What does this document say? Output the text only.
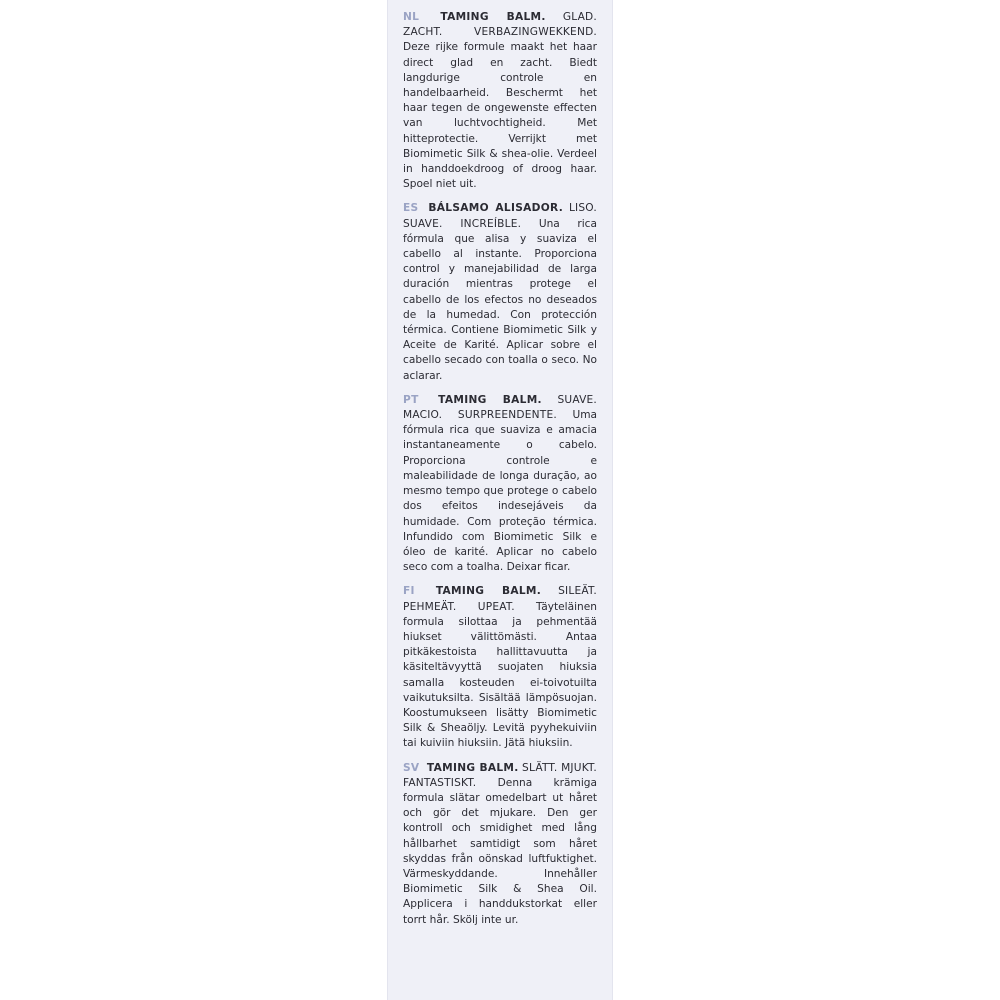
NL TAMING BALM. GLAD. ZACHT. VERBAZINGWEKKEND. Deze rijke formule maakt het haar direct glad en zacht. Biedt langdurige controle en handelbaarheid. Beschermt het haar tegen de ongewenste effecten van luchtvochtigheid. Met hitteprotectie. Verrijkt met Biomimetic Silk & shea-olie. Verdeel in handdoekdroog of droog haar. Spoel niet uit.

ES BÁLSAMO ALISADOR. LISO. SUAVE. INCREÍBLE. Una rica fórmula que alisa y suaviza el cabello al instante. Proporciona control y manejabilidad de larga duración mientras protege el cabello de los efectos no deseados de la humedad. Con protección térmica. Contiene Biomimetic Silk y Aceite de Karité. Aplicar sobre el cabello secado con toalla o seco. No aclarar.

PT TAMING BALM. SUAVE. MACIO. SURPREENDENTE. Uma fórmula rica que suaviza e amacia instantaneamente o cabelo. Proporciona controle e maleabilidade de longa duração, ao mesmo tempo que protege o cabelo dos efeitos indesejáveis da humidade. Com proteção térmica. Infundido com Biomimetic Silk e óleo de karité. Aplicar no cabelo seco com a toalha. Deixar ficar.

FI TAMING BALM. SILEÄT. PEHMEÄT. UPEAT. Täyteläinen formula silottaa ja pehmentää hiukset välittömästi. Antaa pitkäkestoista hallittavuutta ja käsiteltävyyttä suojaten hiuksia samalla kosteuden ei-toivotuilta vaikutuksilta. Sisältää lämpösuojan. Koostumukseen lisätty Biomimetic Silk & Sheaöljy. Levitä pyyhekuiviin tai kuiviin hiuksiin. Jätä hiuksiin.

SV TAMING BALM. SLÄTT. MJUKT. FANTASTISKT. Denna krämiga formula slätar omedelbart ut håret och gör det mjukare. Den ger kontroll och smidighet med lång hållbarhet samtidigt som håret skyddas från oönskad luftfuktighet. Värmeskyddande. Innehåller Biomimetic Silk & Shea Oil. Applicera i handdukstorkat eller torrt hår. Skölj inte ur.
